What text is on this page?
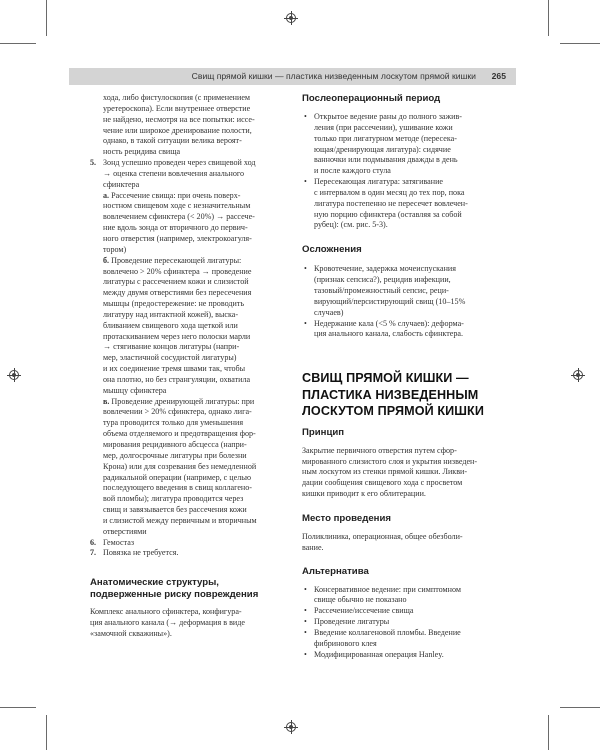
Свищ прямой кишки — пластика низведенным лоскутом прямой кишки 265

хода, либо фистулоскопия (с применением

уретероскопа). Если внутреннее отверстие

не найдено, несмотря на все попытки: иссе-

чение или широкое дренирование полости,

однако, в такой ситуации велика вероят-

ность рецидива свища

5. Зонд успешно проведен через свищевой ход

→ оценка степени вовлечения анального

сфинктера

а. Рассечение свища: при очень поверх-

ностном свищевом ходе с незначительным

вовлечением сфинктера (< 20%) → рассече-

ние вдоль зонда от вторичного до первич-

ного отверстия (например, электрокоагуля-

тором)

б. Проведение пересекающей лигатуры:

вовлечено > 20% сфинктера → проведение

лигатуры с рассечением кожи и слизистой

между двумя отверстиями без пересечения

мышцы (предостережение: не проводить

лигатуру над интактной кожей), выска-

бливанием свищевого хода щеткой или

протаскиванием через него полоски марли

→ стягивание концов лигатуры (напри-

мер, эластичной сосудистой лигатуры)

и их соединение тремя швами так, чтобы

она плотно, но без странгуляции, охватила

мышцу сфинктера

в. Проведение дренирующей лигатуры: при

вовлечении > 20% сфинктера, однако лига-

тура проводится только для уменьшения

объема отделяемого и предотвращения фор-

мирования рецидивного абсцесса (напри-

мер, долгосрочные лигатуры при болезни

Крона) или для созревания без немедленной

радикальной операции (например, с целью

последующего введения в свищ коллагено-

вой пломбы); лигатура проводится через

свищ и завязывается без рассечения кожи

и слизистой между первичным и вторичным

отверстиями

6. Гемостаз

7. Повязка не требуется.

Анатомические структуры,
подверженные риску повреждения

Комплекс анального сфинктера, конфигура-

ция анального канала (→ деформация в виде

«замочной скважины»).

Послеоперационный период
• Открытое ведение раны до полного зажив-
ления (при рассечении), ушивание кожи
только при лигатурном методе (пересека-
ющая/дренирующая лигатура): сидячие
ванночки или подмывания дважды в день
и после каждого стула
• Пересекающая лигатура: затягивание
с интервалом в один месяц до тех пор, пока
лигатура постепенно не пересечет вовлечен-
ную порцию сфинктера (оставляя за собой
рубец): (см. рис. 5-3).
Осложнения
• Кровотечение, задержка мочеиспускания
(признак сепсиса?), рецидив инфекции,
тазовый/промежностный сепсис, реци-
вирующий/персистирующий свищ (10–15%
случаев)
• Недержание кала (<5 % случаев): деформа-
ция анального канала, слабость сфинктера.
СВИЩ ПРЯМОЙ КИШКИ —
ПЛАСТИКА НИЗВЕДЕННЫМ
ЛОСКУТОМ ПРЯМОЙ КИШКИ
Принцип

Закрытие первичного отверстия путем сфор-

мированного слизистого слоя и укрытия низведен-

ным лоскутом из стенки прямой кишки. Ликви-

дации сообщения свищевого хода с просветом

кишки приводит к его облитерации.

Место проведения

Поликлиника, операционная, общее обезболи-

вание.

Альтернатива
• Консервативное ведение: при симптомном
свище обычно не показано
• Рассечение/иссечение свища
• Проведение лигатуры
• Введение коллагеновой пломбы. Введение
фибринового клея
• Модифицированная операция Hanley.
